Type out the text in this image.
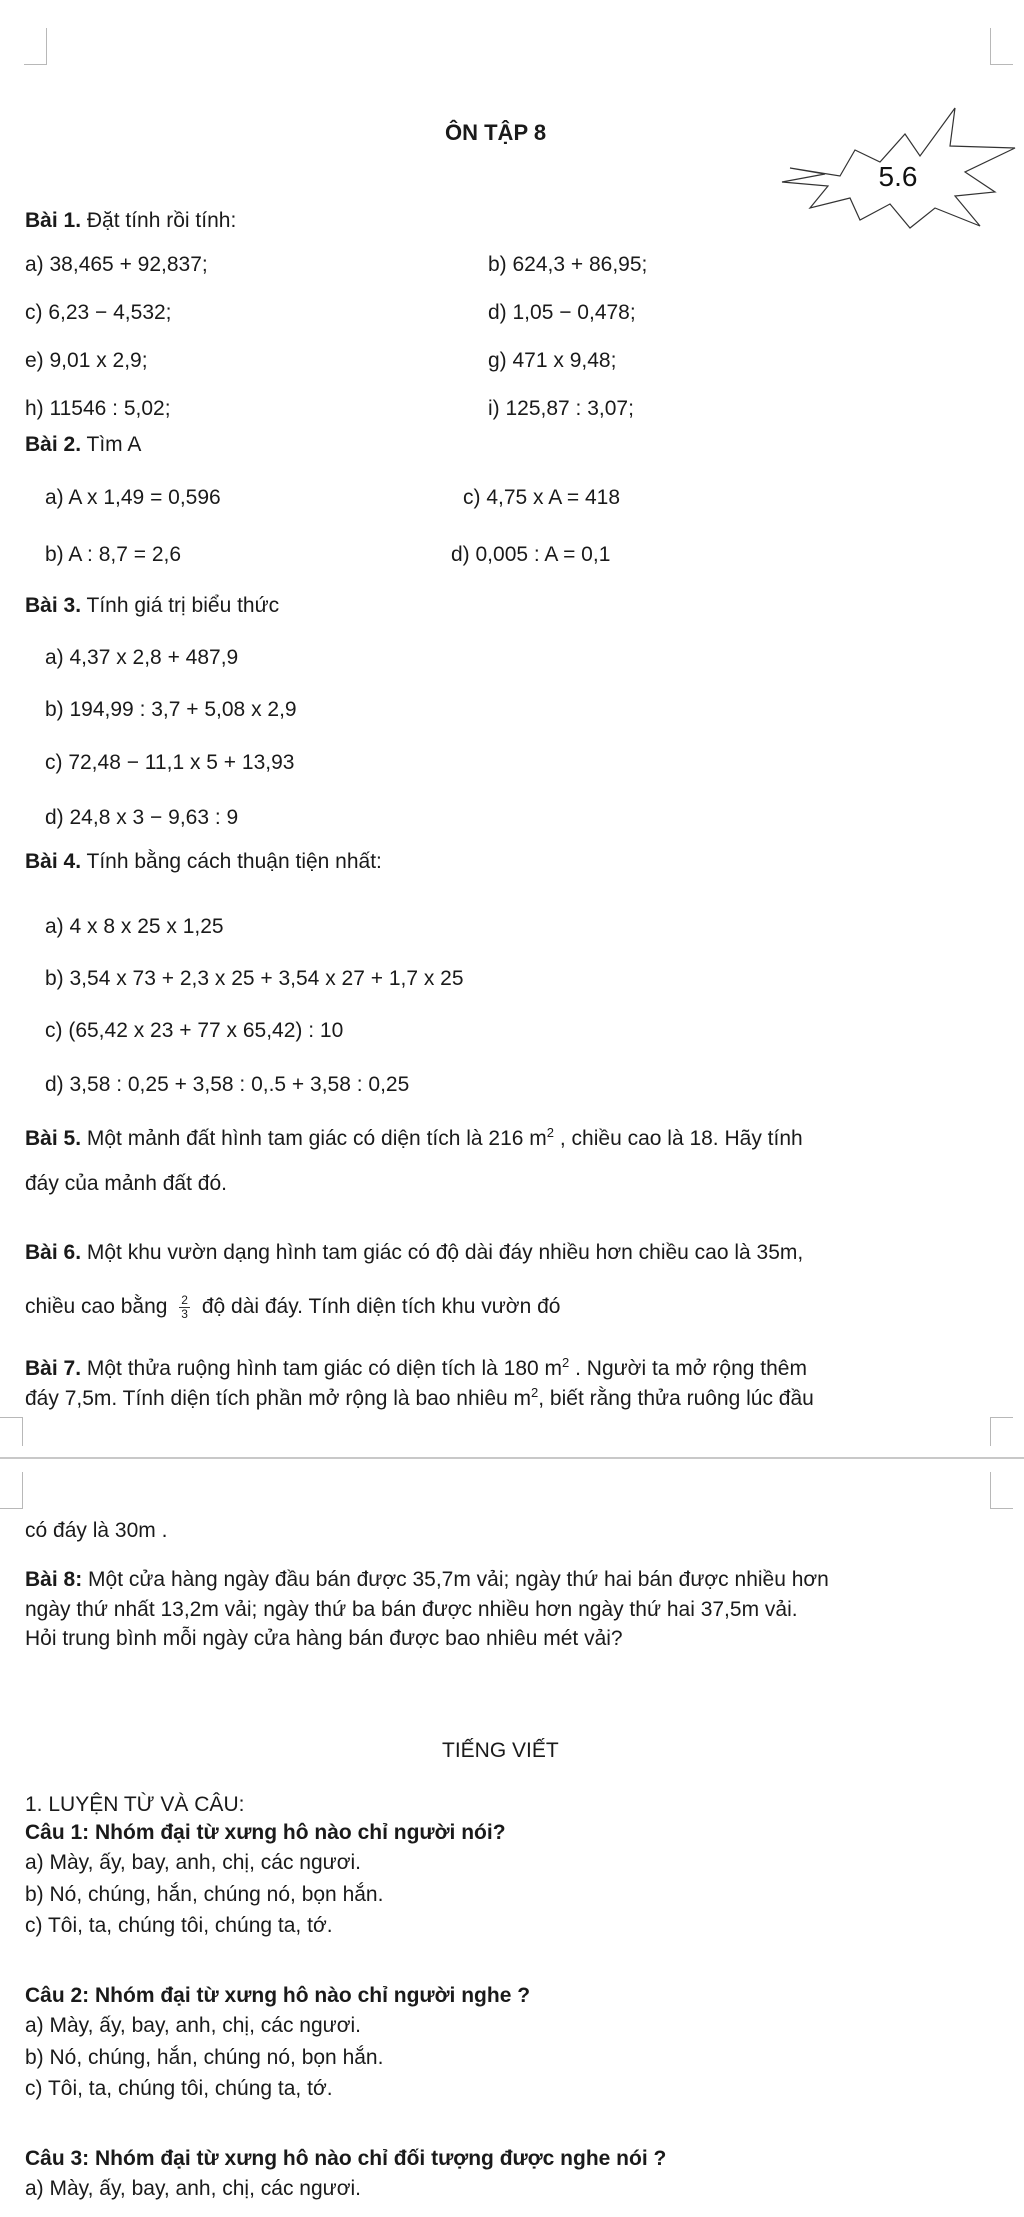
ÔN TẬP 8
5.6
Bài 1. Đặt tính rồi tính:
a) 38,465 + 92,837;	b) 624,3 + 86,95;
c) 6,23 − 4,532;	d) 1,05 − 0,478;
e) 9,01 x 2,9;	g) 471 x 9,48;
h) 11546 : 5,02;	i) 125,87 : 3,07;
Bài 2. Tìm A
a) A x 1,49 = 0,596	c) 4,75 x A = 418
b) A : 8,7 = 2,6	d) 0,005 : A = 0,1
Bài 3. Tính giá trị biểu thức
a) 4,37 x 2,8 + 487,9
b) 194,99 : 3,7 + 5,08 x 2,9
c) 72,48 − 11,1 x 5 + 13,93
d) 24,8 x 3 − 9,63 : 9
Bài 4. Tính bằng cách thuận tiện nhất:
a) 4 x 8 x 25 x 1,25
b) 3,54 x 73 + 2,3 x 25 + 3,54 x 27 + 1,7 x 25
c) (65,42 x 23 + 77 x 65,42) : 10
d) 3,58 : 0,25 + 3,58 : 0,.5 + 3,58 : 0,25
Bài 5. Một mảnh đất hình tam giác có diện tích là 216 $m^2$ , chiều cao là 18. Hãy tính
đáy của mảnh đất đó.
Bài 6. Một khu vườn dạng hình tam giác có độ dài đáy nhiều hơn chiều cao là 35m,
chiều cao bằng $\frac{2}{3}$ độ dài đáy. Tính diện tích khu vườn đó
Bài 7. Một thửa ruộng hình tam giác có diện tích là 180 $m^2$ . Người ta mở rộng thêm
đáy 7,5m. Tính diện tích phần mở rộng là bao nhiêu $m^2$, biết rằng thửa ruông lúc đầu
có đáy là 30m .
Bài 8: Một cửa hàng ngày đầu bán được 35,7m vải; ngày thứ hai bán được nhiều hơn
ngày thứ nhất 13,2m vải; ngày thứ ba bán được nhiều hơn ngày thứ hai 37,5m vải.
Hỏi trung bình mỗi ngày cửa hàng bán được bao nhiêu mét vải?
TIẾNG VIẾT
1. LUYỆN TỪ VÀ CÂU:
Câu 1: Nhóm đại từ xưng hô nào chỉ người nói?
a) Mày, ấy, bay, anh, chị, các ngươi.
b) Nó, chúng, hắn, chúng nó, bọn hắn.
c) Tôi, ta, chúng tôi, chúng ta, tớ.
Câu 2: Nhóm đại từ xưng hô nào chỉ người nghe ?
a) Mày, ấy, bay, anh, chị, các ngươi.
b) Nó, chúng, hắn, chúng nó, bọn hắn.
c) Tôi, ta, chúng tôi, chúng ta, tớ.
Câu 3: Nhóm đại từ xưng hô nào chỉ đối tượng được nghe nói ?
a) Mày, ấy, bay, anh, chị, các ngươi.
